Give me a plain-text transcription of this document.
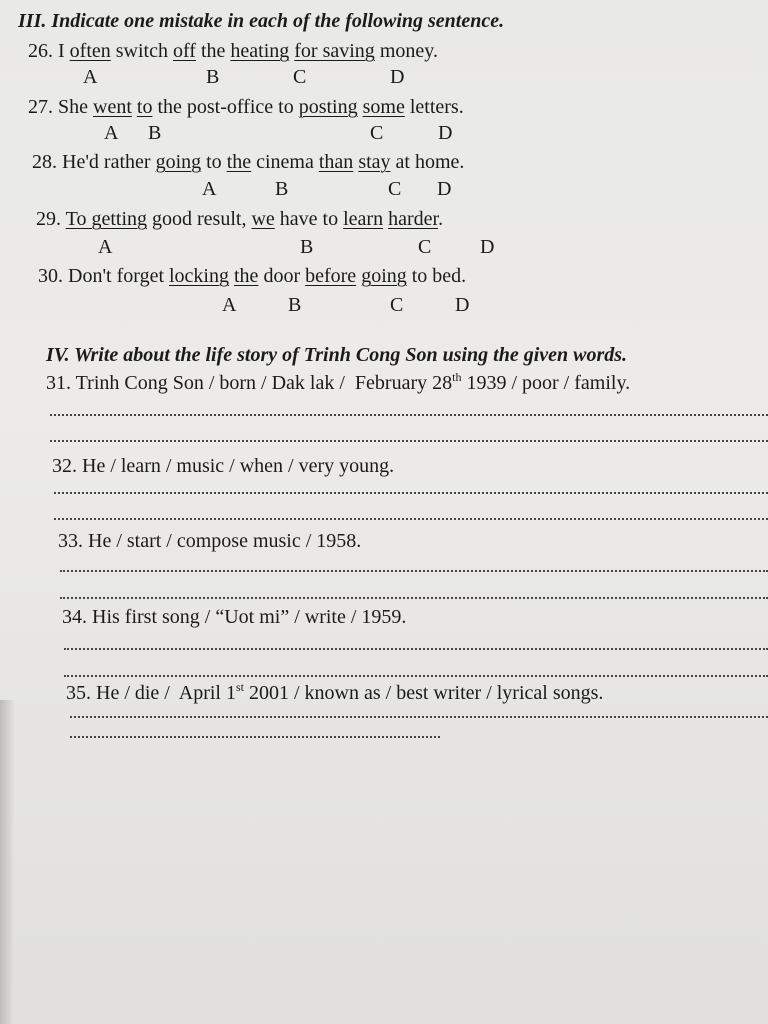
III. Indicate one mistake in each of the following sentence.
26. I often switch off the heating for saving money.
A	B	C	D
27. She went to the post-office to posting some letters.
A B	C	D
28. He'd rather going to the cinema than stay at home.
A	B	C D
29. To getting good result, we have to learn harder.
A	B	C D
30. Don't forget locking the door before going to bed.
A	B	C	D
IV. Write about the life story of Trinh Cong Son using the given words.
31. Trinh Cong Son / born / Dak lak /  February 28th 1939 / poor / family.
32. He / learn / music / when / very young.
33. He / start / compose music / 1958.
34. His first song / “Uot mi” / write / 1959.
35. He / die /  April 1st 2001 / known as / best writer / lyrical songs.
